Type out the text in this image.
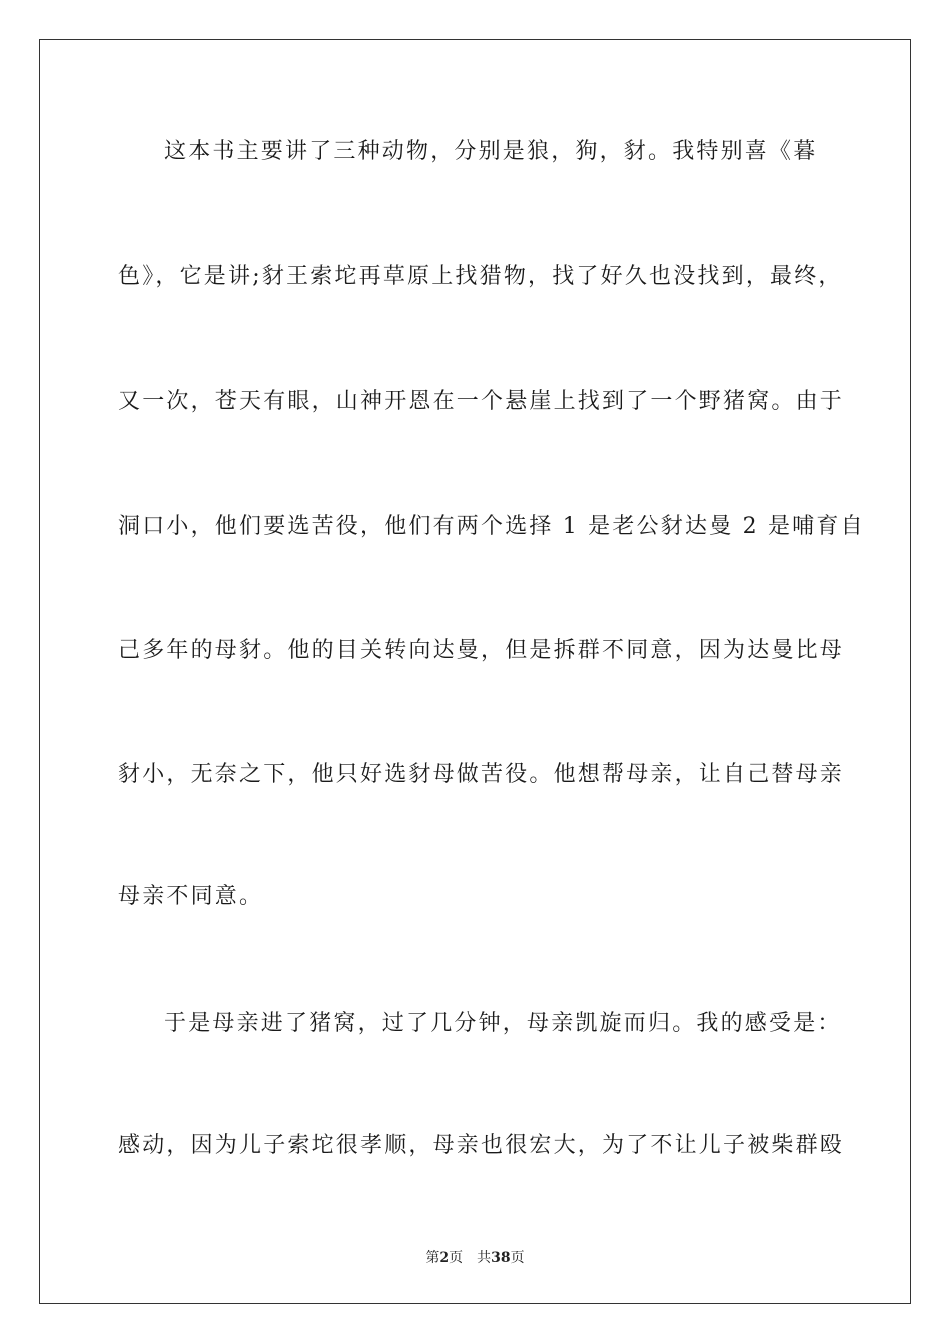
这本书主要讲了三种动物，分别是狼，狗，豺。我特别喜《暮
色》，它是讲;豺王索坨再草原上找猎物，找了好久也没找到，最终，
又一次，苍天有眼，山神开恩在一个悬崖上找到了一个野猪窝。由于
洞口小，他们要选苦役，他们有两个选择 1 是老公豺达曼 2 是哺育自
己多年的母豺。他的目关转向达曼，但是拆群不同意，因为达曼比母
豺小，无奈之下，他只好选豺母做苦役。他想帮母亲，让自己替母亲
母亲不同意。
于是母亲进了猪窝，过了几分钟，母亲凯旋而归。我的感受是：
感动，因为儿子索坨很孝顺，母亲也很宏大，为了不让儿子被柴群殴
第2页 共38页
